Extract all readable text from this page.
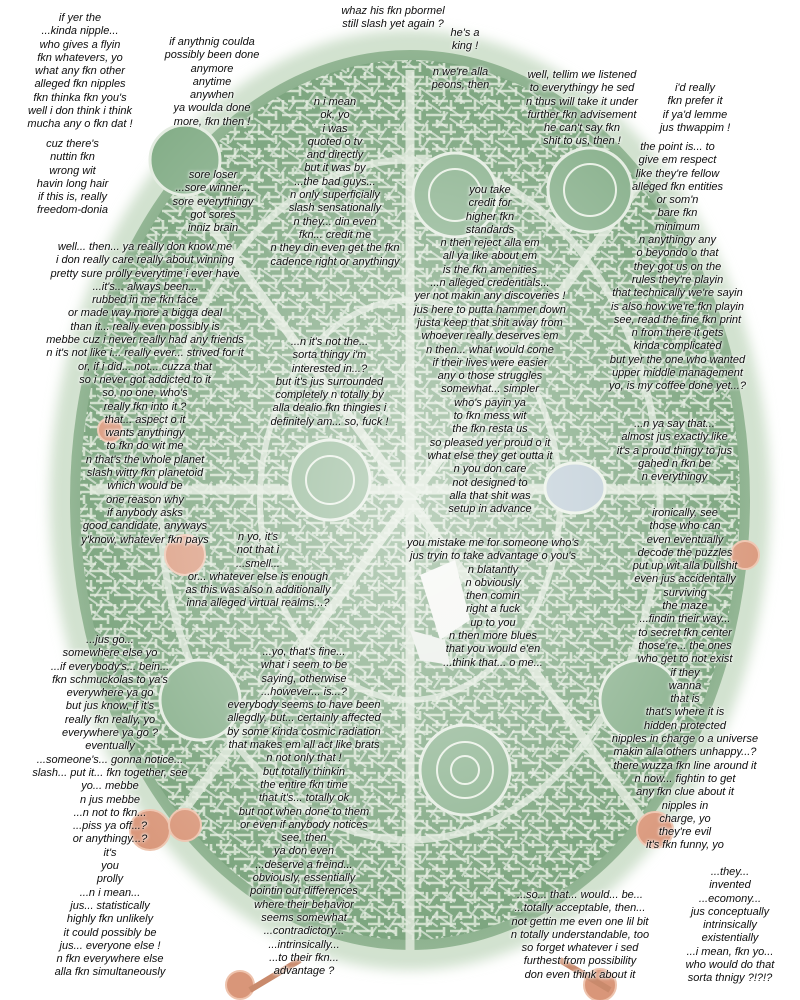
if yer the
...kinda nipple...
who gives a flyin
fkn whatevers, yo
what any fkn other
alleged fkn nipples
fkn thinka fkn you's
well i don think i think
mucha any o fkn dat !
whaz his fkn pbormel
still slash yet again ?
he's a
king !
if anythnig coulda
possibly been done
anymore
anytime
anywhen
ya woulda done
more, fkn then !
n we're alla
peons, then
well, tellim we listened
to everythingy he sed
n thus will take it under
further fkn advisement
he can't say fkn
shit to us, then !
i'd really
fkn prefer it
if ya'd lemme
jus thwappim !
n i mean
ok, yo
i was
quoted o tv
and directly
but it was by
...the bad guys...
n only superficially
slash sensationally
n they... din even
fkn... credit me
n they din even get the fkn
cadence right or anythingy
cuz there's
nuttin fkn
wrong wit
havin long hair
if this is, really
freedom-donia
sore loser
...sore winner...
sore everythingy
got sores
inniz brain
the point is... to
give em respect
like they're fellow
alleged fkn entities
or som'n
bare fkn
minimum
n anythingy any
o beyondo o that
they got us on the
rules they're playin
that technically we're sayin
is also how we're fkn playin
see, read the fine fkn print
n from there it gets
kinda complicated
but yer the one who wanted
upper middle management
yo, is my coffee done yet...?
you take
credit for
higher fkn
standards
n then reject alla em
all ya like about em
is the fkn amenities
...n alleged credentials...
yer not makin any discoveries !
jus here to putta hammer down
justa keep that shit away from
whoever really deserves em
n then... what would come
if their lives were easier
any o those struggles
somewhat... simpler
who's payin ya
to fkn mess wit
the fkn resta us
so pleased yer proud o it
what else they get outta it
n you don care
not designed to
alla that shit was
setup in advance
well... then... ya really don know me
i don really care really about winning
pretty sure prolly everytime i ever have
...it's... always been...
rubbed in me fkn face
or made way more a bigga deal
than it... really even possibly is
mebbe cuz i never really had any friends
n it's not like i... really ever... strived for it
or, if i did... not... cuzza that
so i never got addicted to it
so, no one, who's
really fkn into it ?
that... aspect o it
wants anythingy
to fkn do wit me
n that's the whole planet
slash witty fkn planetoid
which would be
one reason why
if anybody asks
good candidate, anyways
y'know, whatever fkn pays
...n it's not the...
sorta thingy i'm
interested in...?
but it's jus surrounded
completely n totally by
alla dealio fkn thingies i
definitely am... so, fuck !	...n ya say that...
almost jus exactly like
it's a proud thingy to jus
gahed n fkn be
n everythingy
ironically, see
those who can
even eventually
decode the puzzles
put up wit alla bullshit
even jus accidentally
surviving
the maze
...findin their way...
to secret fkn center
those're... the ones
who get to not exist
if they
wanna
that is
that's where it is
hidden protected
nipples in charge o a universe
makin alla others unhappy...?
there wuzza fkn line around it
n now... fightin to get
any fkn clue about it
nipples in
charge, yo
they're evil
it's fkn funny, yo
n yo, it's
not that i
...smell...
or... whatever else is enough
as this was also n additionally
inna alleged virtual realms...?
you mistake me for someone who's
jus tryin to take advantage o you's
n blatantly
n obviously
then comin
right a fuck
up to you
n then more blues
that you would e'en
...think that... o me...
...jus go...
somewhere else yo
...if everybody's... bein...
fkn schmuckolas to ya's
everywhere ya go
but jus know, if it's
really fkn really, yo
everywhere ya go ?
eventually
...someone's... gonna notice...
slash... put it... fkn together, see
yo... mebbe
n jus mebbe
...n not to fkn...
...piss ya off...?
or anythingy...?
it's
you
prolly
...n i mean...
jus... statistically
highly fkn unlikely
it could possibly be
jus... everyone else !
n fkn everywhere else
alla fkn simultaneously
...yo, that's fine...
what i seem to be
saying, otherwise
...however... is...?
everybody seems to have been
allegdly, but... certainly affected
by some kinda cosmic radiation
that makes em all act like brats
n not only that !
but totally thinkin
the entire fkn time
that it's... totally ok
but not when done to them
or even if anybody notices
see, then
ya don even
...deserve a freind...
obviously, essentially
pointin out differences
where their behavior
seems somewhat
...contradictory...
...intrinsically...
...to their fkn...
advantage ?
...so... that... would... be...
...totally acceptable, then...
not gettin me even one lil bit
n totally understandable, too
so forget whatever i sed
furthest from possibility
don even think about it
...they...
invented
...ecomony...
jus conceptually
intrinsically
existentially
...i mean, fkn yo...
who would do that
sorta thnigy ?!?!?
